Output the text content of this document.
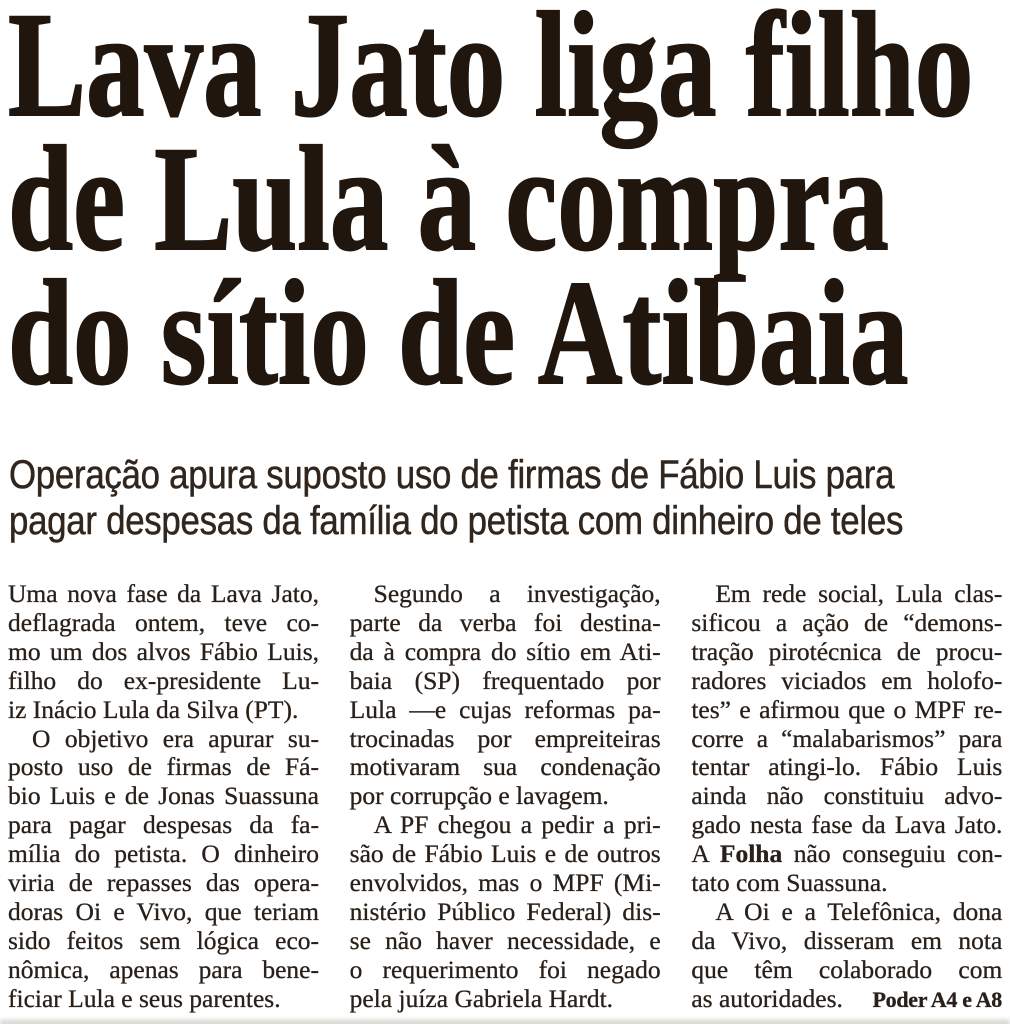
Lava Jato liga filho
de Lula à compra
do sítio de Atibaia
Operação apura suposto uso de firmas de Fábio Luis para
pagar despesas da família do petista com dinheiro de teles
Uma nova fase da Lava Jato,
deflagrada ontem, teve co-
mo um dos alvos Fábio Luis,
filho do ex-presidente Lu-
iz Inácio Lula da Silva (PT).
O objetivo era apurar su-
posto uso de firmas de Fá-
bio Luis e de Jonas Suassuna
para pagar despesas da fa-
mília do petista. O dinheiro
viria de repasses das opera-
doras Oi e Vivo, que teriam
sido feitos sem lógica eco-
nômica, apenas para bene-
ficiar Lula e seus parentes.
Segundo a investigação,
parte da verba foi destina-
da à compra do sítio em Ati-
baia (SP) frequentado por
Lula —e cujas reformas pa-
trocinadas por empreiteiras
motivaram sua condenação
por corrupção e lavagem.
A PF chegou a pedir a pri-
são de Fábio Luis e de outros
envolvidos, mas o MPF (Mi-
nistério Público Federal) dis-
se não haver necessidade, e
o requerimento foi negado
pela juíza Gabriela Hardt.
Em rede social, Lula clas-
sificou a ação de “demons-
tração pirotécnica de procu-
radores viciados em holofo-
tes” e afirmou que o MPF re-
corre a “malabarismos” para
tentar atingi-lo. Fábio Luis
ainda não constituiu advo-
gado nesta fase da Lava Jato.
A Folha não conseguiu con-
tato com Suassuna.
A Oi e a Telefônica, dona
da Vivo, disseram em nota
que têm colaborado com
as autoridades. Poder A4 e A8
